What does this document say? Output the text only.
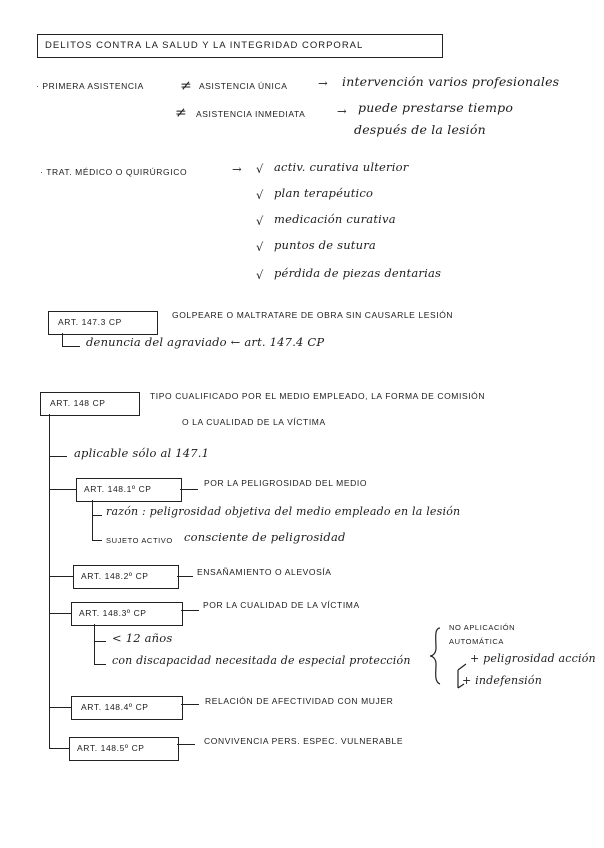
DELITOS CONTRA LA SALUD Y LA INTEGRIDAD CORPORAL
· PRIMERA ASISTENCIA	≠ ASISTENCIA ÚNICA	→ intervención varios profesionales
≠ ASISTENCIA INMEDIATA	→ puede prestarse tiempo
después de la lesión
· TRAT. MÉDICO O QUIRÚRGICO	→ √ activ. curativa ulterior
√ plan terapéutico
√ medicación curativa
√ puntos de sutura
√ pérdida de piezas dentarias
ART. 147.3 CP
GOLPEARE O MALTRATARE DE OBRA SIN CAUSARLE LESIÓN
denuncia del agraviado ← art. 147.4 CP
ART. 148 CP
TIPO CUALIFICADO POR EL MEDIO EMPLEADO, LA FORMA DE COMISIÓN
O LA CUALIDAD DE LA VÍCTIMA
aplicable sólo al 147.1
ART. 148.1º CP
POR LA PELIGROSIDAD DEL MEDIO
razón : peligrosidad objetiva del medio empleado en la lesión
SUJETO ACTIVO consciente de peligrosidad
ART. 148.2º CP	ENSAÑAMIENTO O ALEVOSÍA
ART. 148.3º CP
POR LA CUALIDAD DE LA VÍCTIMA
< 12 años
con discapacidad necesitada de especial protección
NO APLICACIÓN
AUTOMÁTICA
+ peligrosidad acción
+ indefensión
ART. 148.4º CP
RELACIÓN DE AFECTIVIDAD CON MUJER
ART. 148.5º CP
CONVIVENCIA PERS. ESPEC. VULNERABLE
